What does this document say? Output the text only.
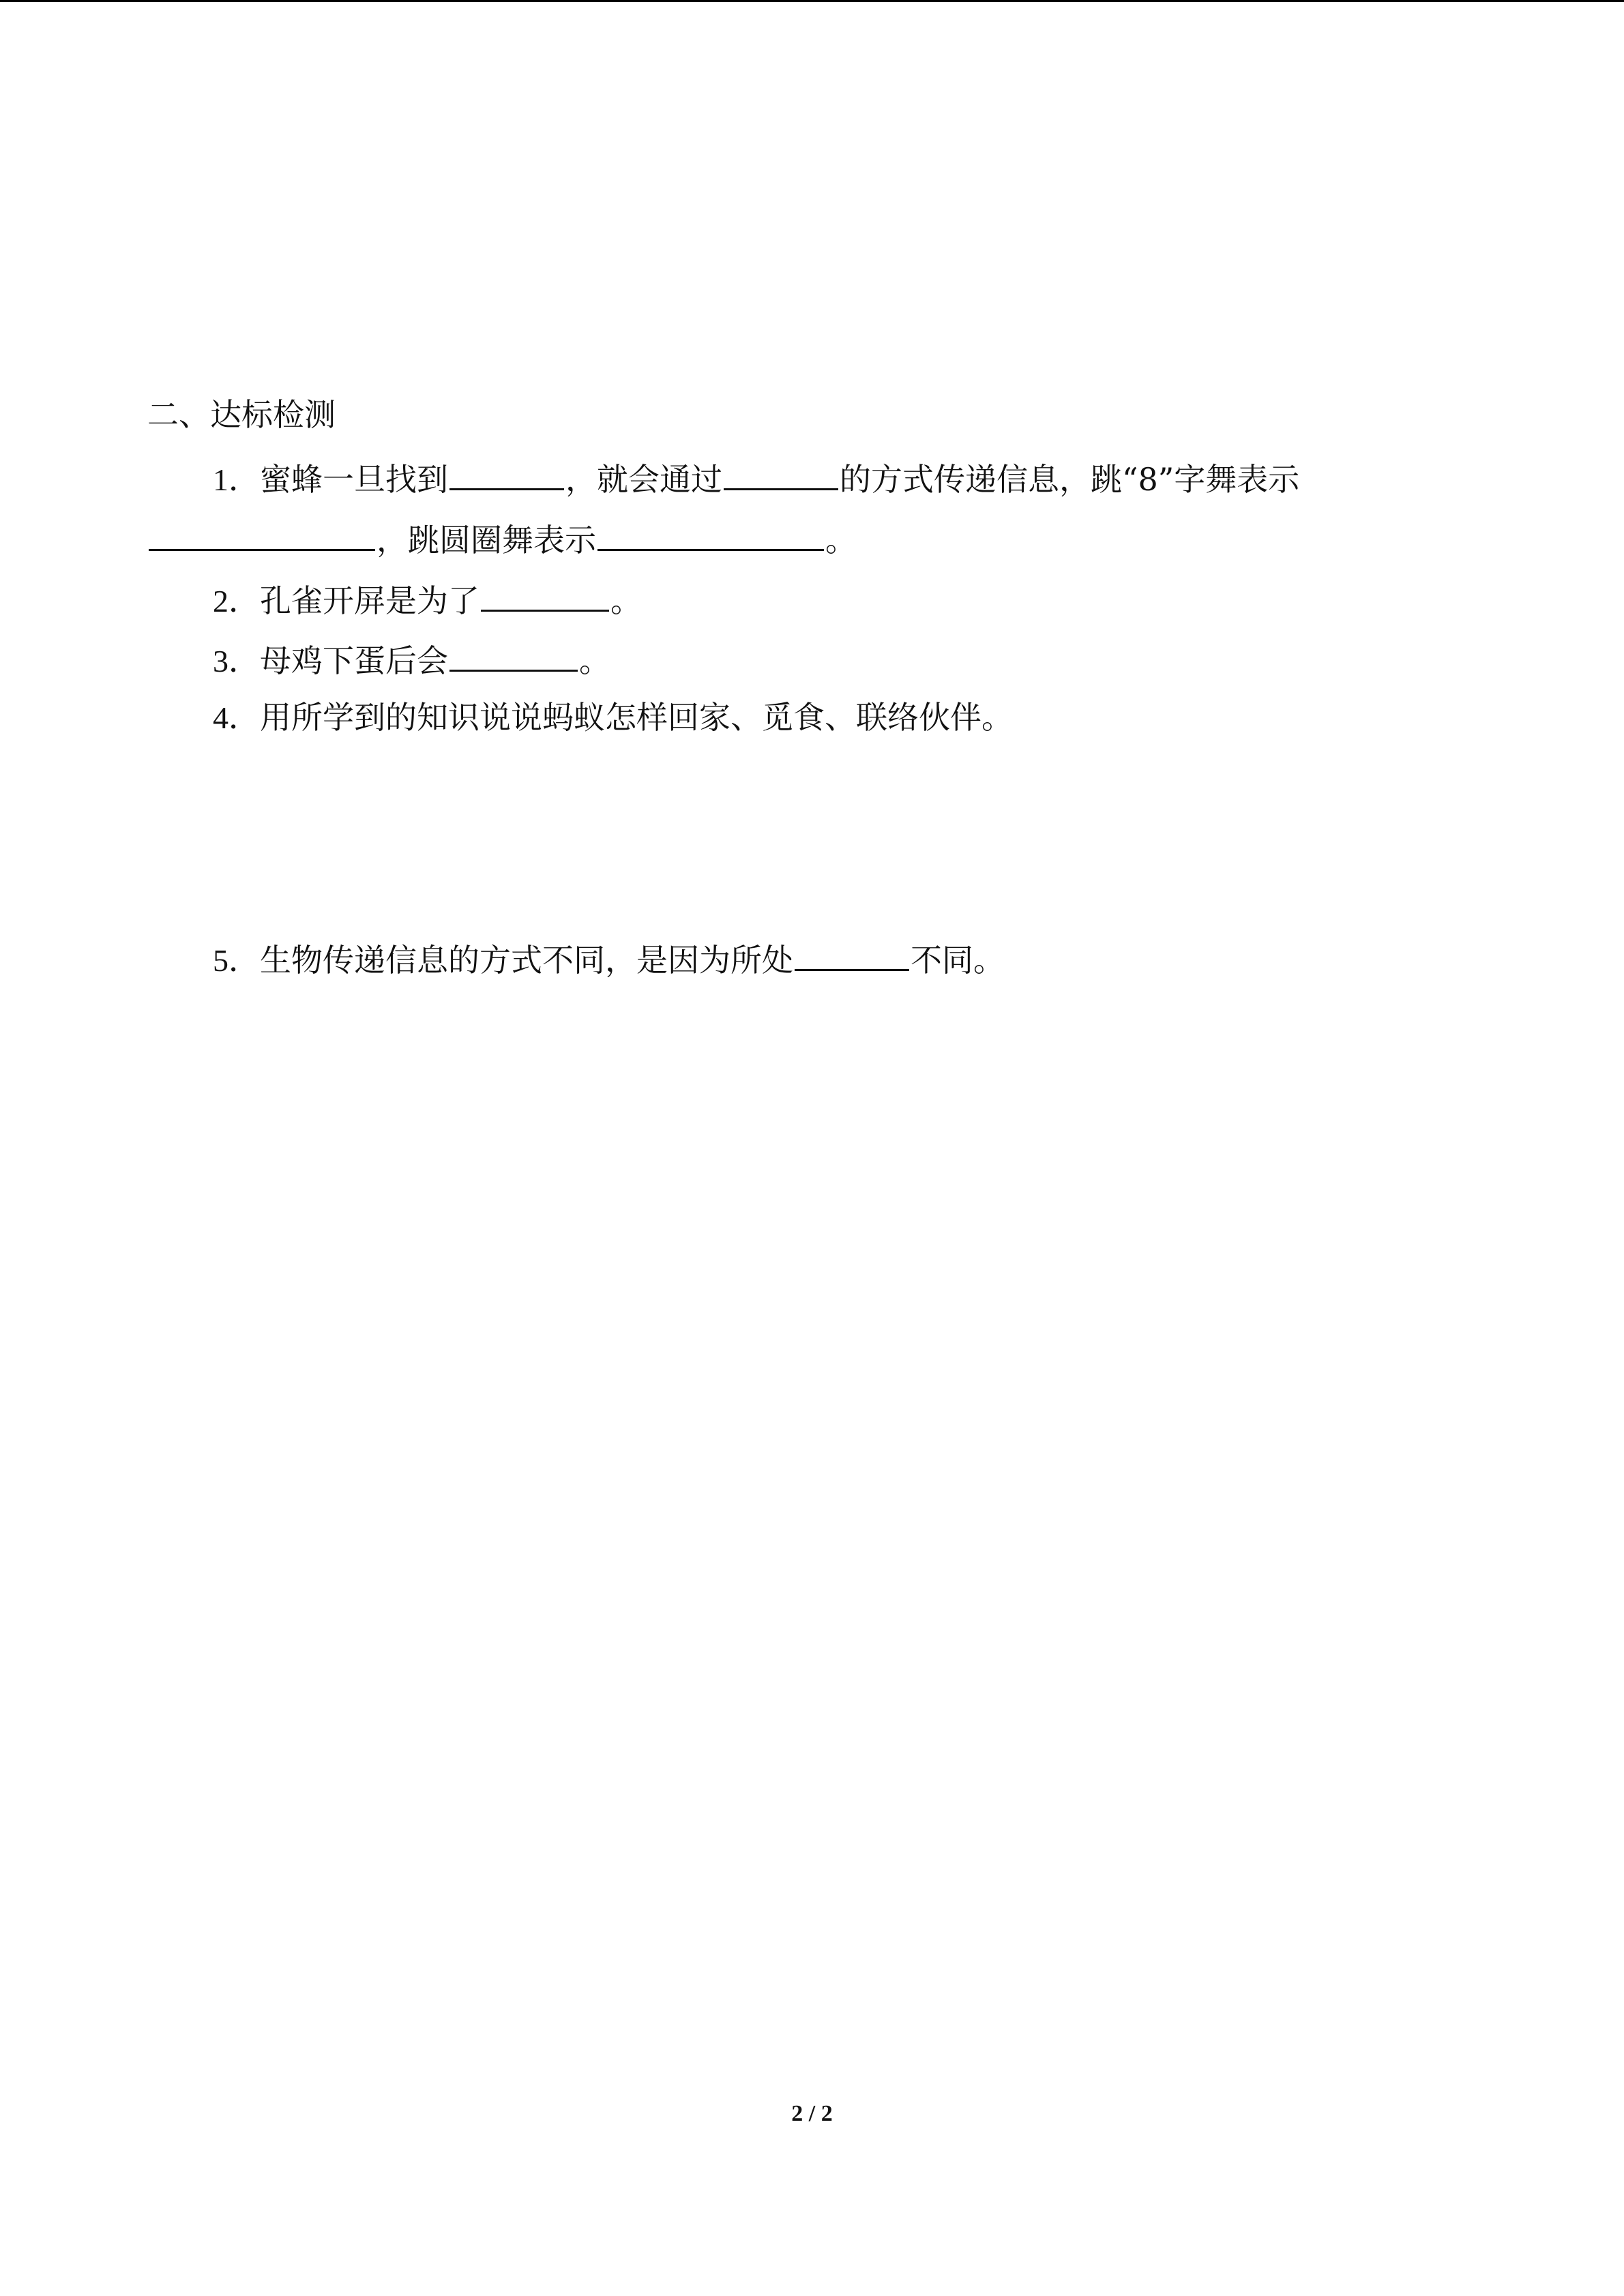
二、达标检测
1．蜜蜂一旦找到	，就会通过	的方式传递信息，跳“8”字舞表示
，跳圆圈舞表示	。
2．孔雀开屏是为了	。
3．母鸡下蛋后会	。
4．用所学到的知识说说蚂蚁怎样回家、觅食、联络伙伴。
5．生物传递信息的方式不同，是因为所处	不同。
2 / 2
